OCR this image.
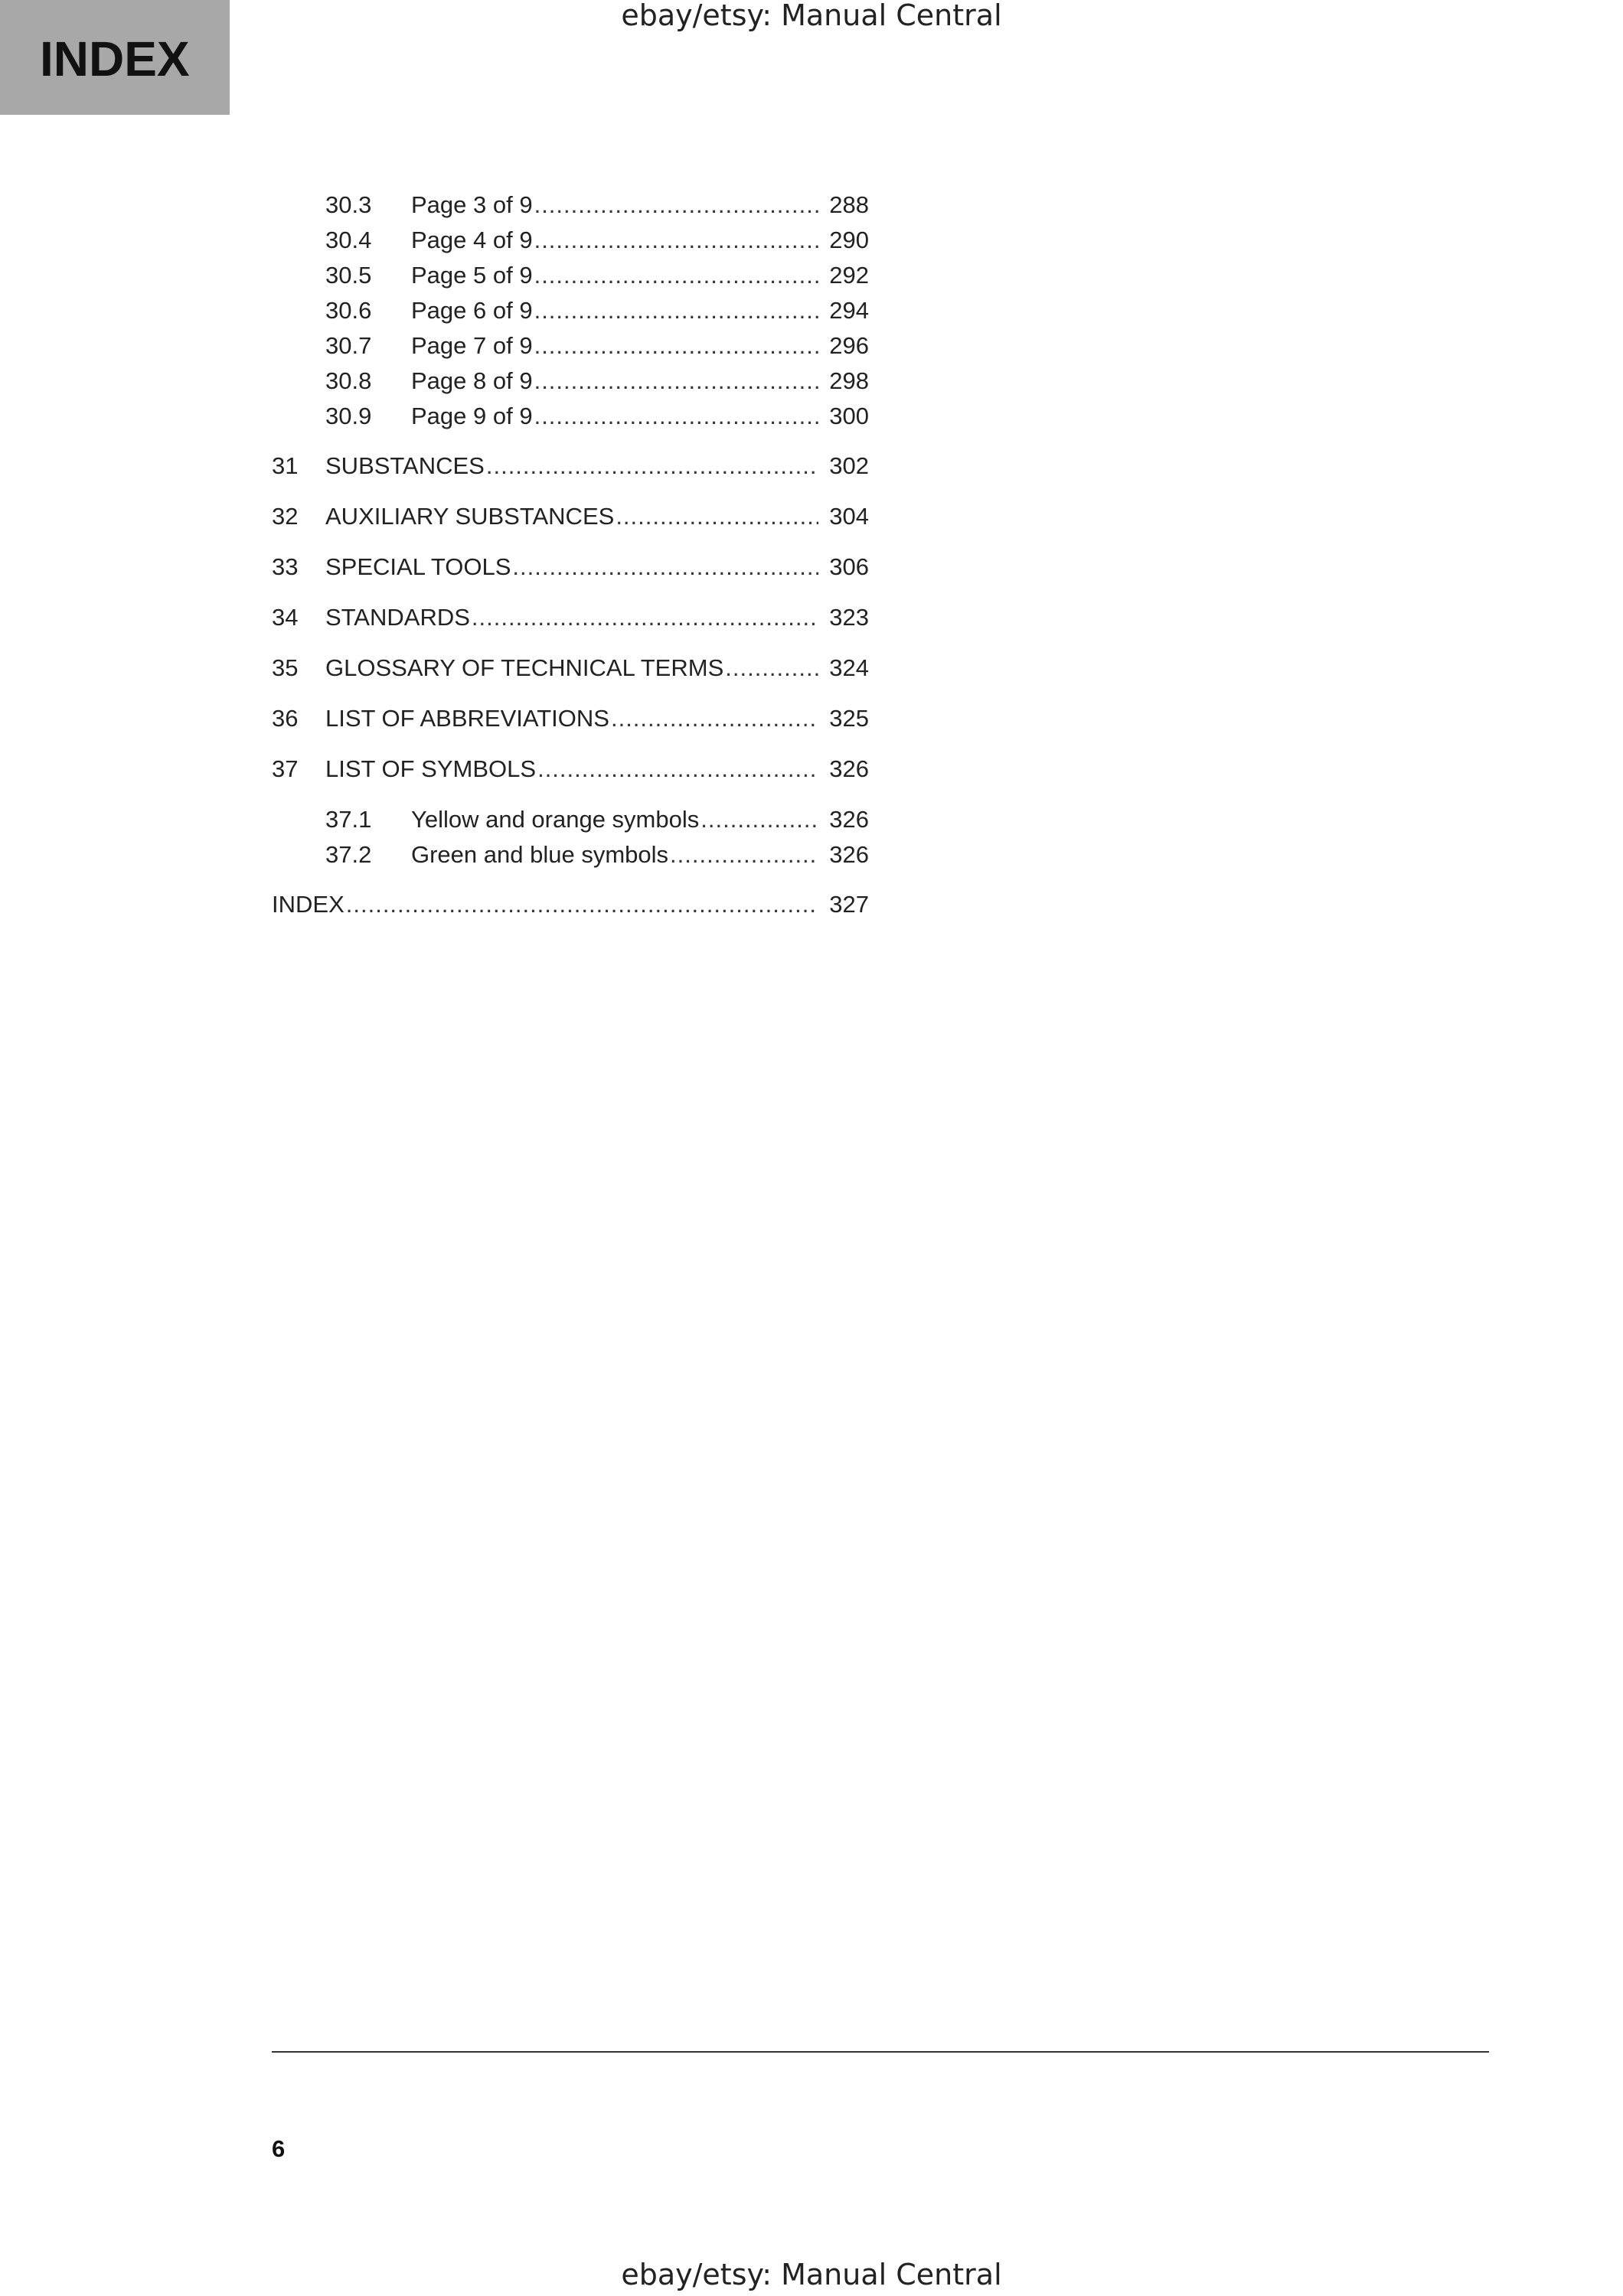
INDEX
ebay/etsy: Manual Central
30.3 Page 3 of 9 .....	288
30.4 Page 4 of 9 .....	290
30.5 Page 5 of 9 .....	292
30.6 Page 6 of 9 .....	294
30.7 Page 7 of 9 .....	296
30.8 Page 8 of 9 .....	298
30.9 Page 9 of 9 .....	300
31 SUBSTANCES .....	302
32 AUXILIARY SUBSTANCES .....	304
33 SPECIAL TOOLS .....	306
34 STANDARDS .....	323
35 GLOSSARY OF TECHNICAL TERMS .....	324
36 LIST OF ABBREVIATIONS .....	325
37 LIST OF SYMBOLS .....	326
37.1 Yellow and orange symbols .....	326
37.2 Green and blue symbols .....	326
INDEX .....	327
6
ebay/etsy: Manual Central
